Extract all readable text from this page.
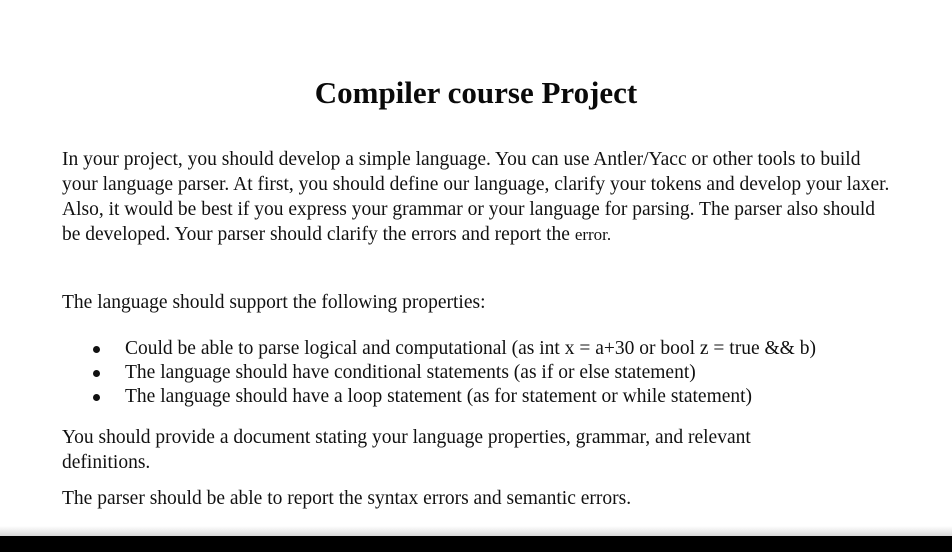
Compiler course Project

In your project, you should develop a simple language. You can use Antler/Yacc or other tools to build your language parser. At first, you should define our language, clarify your tokens and develop your laxer. Also, it would be best if you express your grammar or your language for parsing. The parser also should be developed. Your parser should clarify the errors and report the error.

The language should support the following properties:

Could be able to parse logical and computational (as int x = a+30 or bool z = true && b)
The language should have conditional statements (as if or else statement)
The language should have a loop statement (as for statement or while statement)

You should provide a document stating your language properties, grammar, and relevant definitions.

The parser should be able to report the syntax errors and semantic errors.
